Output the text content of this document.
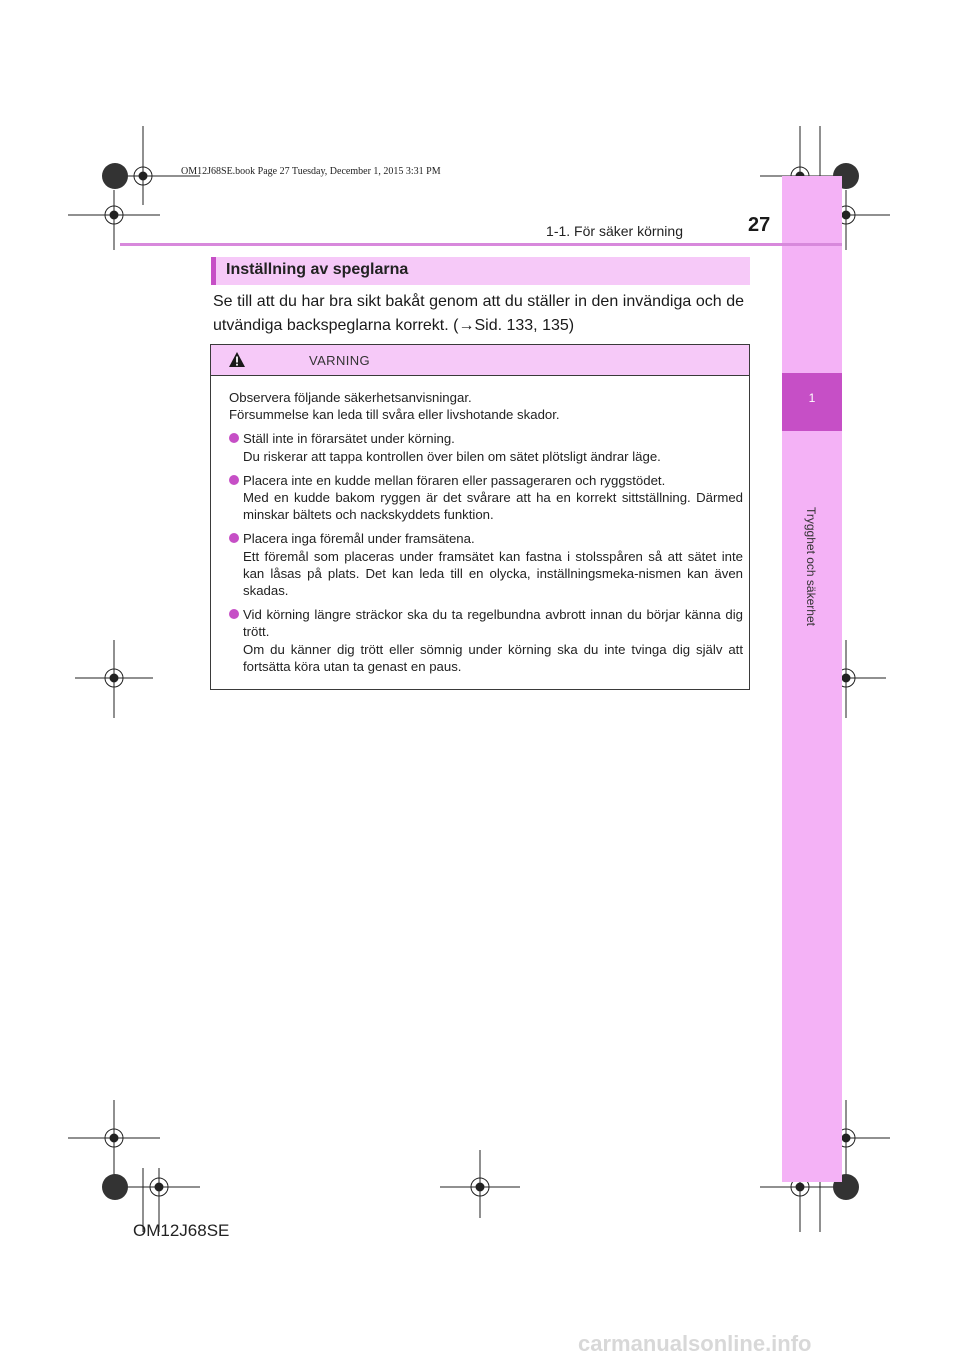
1
Trygghet och säkerhet
OM12J68SE.book Page 27 Tuesday, December 1, 2015 3:31 PM
1-1. För säker körning	27
Inställning av speglarna
Se till att du har bra sikt bakåt genom att du ställer in den invändiga och de utvändiga backspeglarna korrekt. (→Sid. 133, 135)
VARNING

Observera följande säkerhetsanvisningar.
Försummelse kan leda till svåra eller livshotande skador.

Ställ inte in förarsätet under körning.
Du riskerar att tappa kontrollen över bilen om sätet plötsligt ändrar läge.
Placera inte en kudde mellan föraren eller passageraren och ryggstödet.
Med en kudde bakom ryggen är det svårare att ha en korrekt sittställning. Därmed minskar bältets och nackskyddets funktion.
Placera inga föremål under framsätena.
Ett föremål som placeras under framsätet kan fastna i stolsspåren så att sätet inte kan låsas på plats. Det kan leda till en olycka, inställningsmeka-nismen kan även skadas.
Vid körning längre sträckor ska du ta regelbundna avbrott innan du börjar känna dig trött.
Om du känner dig trött eller sömnig under körning ska du inte tvinga dig själv att fortsätta köra utan ta genast en paus.
OM12J68SE
carmanualsonline.info
